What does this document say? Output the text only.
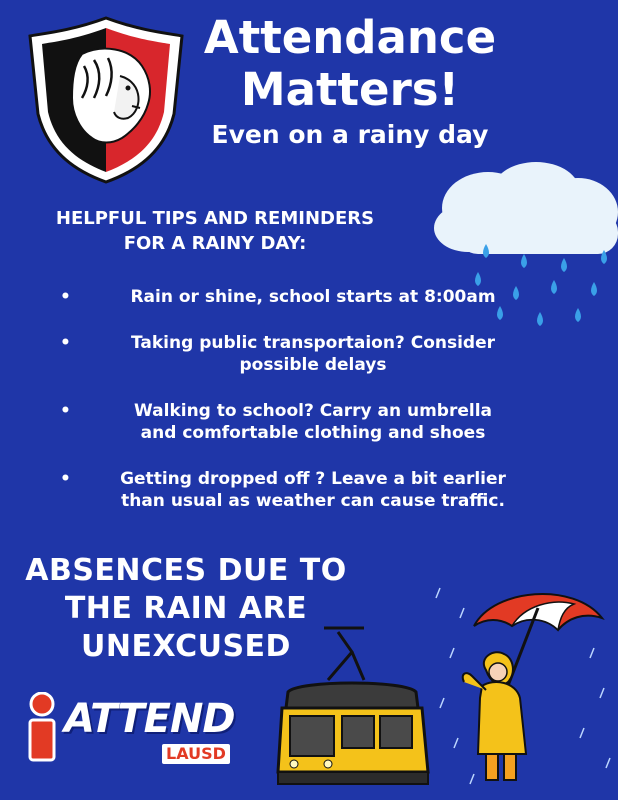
Attendance
Matters!
Even on a rainy day
HELPFUL TIPS AND REMINDERS
FOR A RAINY DAY:
•	Rain or shine, school starts at 8:00am
•	Taking public transportaion? Consider
possible delays
•	Walking to school? Carry an umbrella
and comfortable clothing and shoes
•	Getting dropped off ? Leave a bit earlier
than usual as weather can cause traffic.
ABSENCES DUE TO
THE RAIN ARE
UNEXCUSED
ATTEND
LAUSD
